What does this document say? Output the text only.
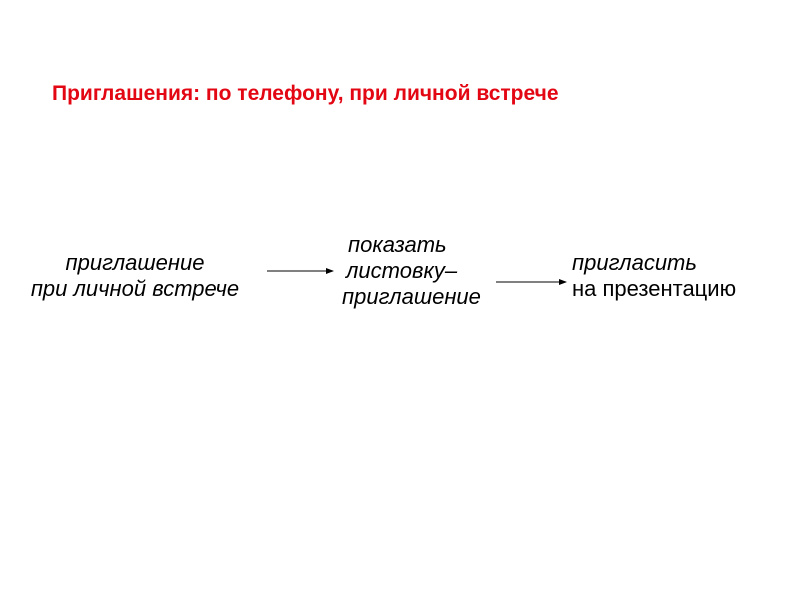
Приглашения: по телефону, при личной встрече
приглашение
при личной встрече
показать
листовку–
приглашение
пригласить
на презентацию
